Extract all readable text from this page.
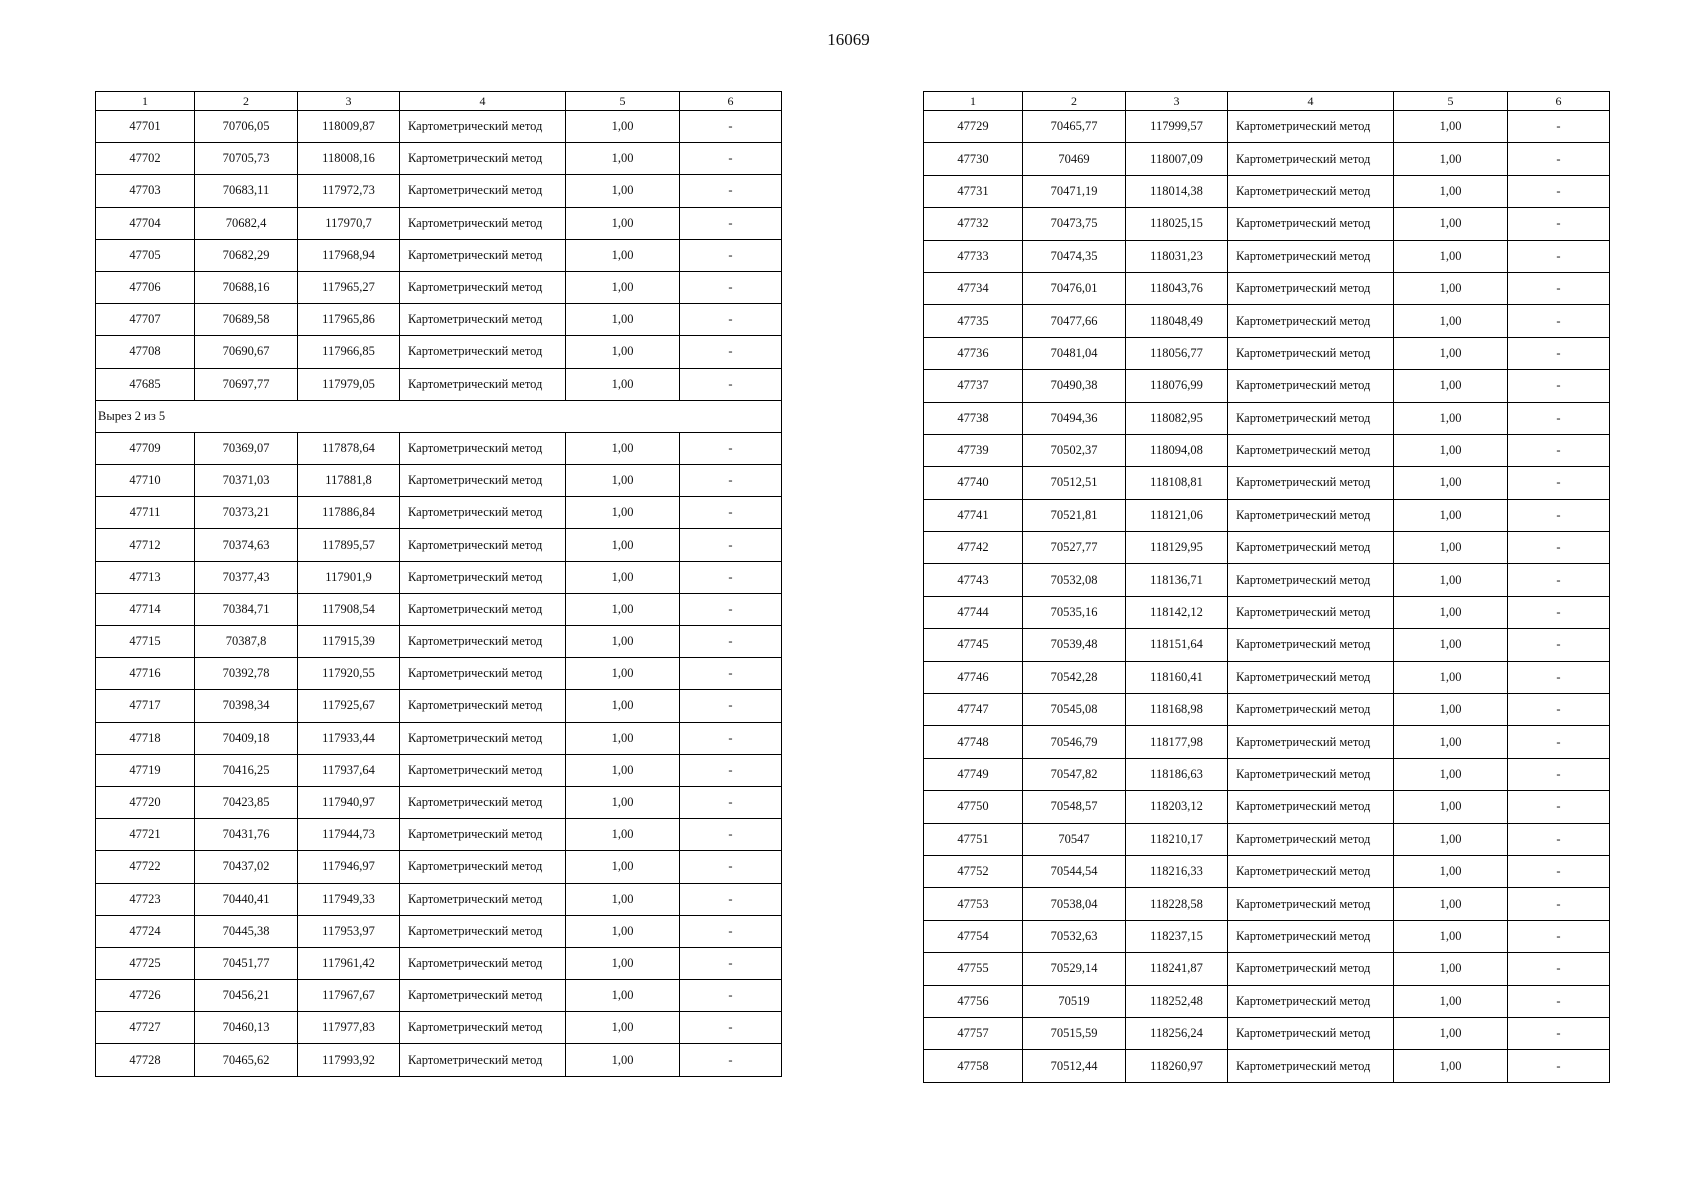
16069
1	2	3	4	5	6
47701	70706,05	118009,87	Картометрический метод	1,00	-
47702	70705,73	118008,16	Картометрический метод	1,00	-
47703	70683,11	117972,73	Картометрический метод	1,00	-
47704	70682,4	117970,7	Картометрический метод	1,00	-
47705	70682,29	117968,94	Картометрический метод	1,00	-
47706	70688,16	117965,27	Картометрический метод	1,00	-
47707	70689,58	117965,86	Картометрический метод	1,00	-
47708	70690,67	117966,85	Картометрический метод	1,00	-
47685	70697,77	117979,05	Картометрический метод	1,00	-
Вырез 2 из 5					
47709	70369,07	117878,64	Картометрический метод	1,00	-
47710	70371,03	117881,8	Картометрический метод	1,00	-
47711	70373,21	117886,84	Картометрический метод	1,00	-
47712	70374,63	117895,57	Картометрический метод	1,00	-
47713	70377,43	117901,9	Картометрический метод	1,00	-
47714	70384,71	117908,54	Картометрический метод	1,00	-
47715	70387,8	117915,39	Картометрический метод	1,00	-
47716	70392,78	117920,55	Картометрический метод	1,00	-
47717	70398,34	117925,67	Картометрический метод	1,00	-
47718	70409,18	117933,44	Картометрический метод	1,00	-
47719	70416,25	117937,64	Картометрический метод	1,00	-
47720	70423,85	117940,97	Картометрический метод	1,00	-
47721	70431,76	117944,73	Картометрический метод	1,00	-
47722	70437,02	117946,97	Картометрический метод	1,00	-
47723	70440,41	117949,33	Картометрический метод	1,00	-
47724	70445,38	117953,97	Картометрический метод	1,00	-
47725	70451,77	117961,42	Картометрический метод	1,00	-
47726	70456,21	117967,67	Картометрический метод	1,00	-
47727	70460,13	117977,83	Картометрический метод	1,00	-
47728	70465,62	117993,92	Картометрический метод	1,00	-
1	2	3	4	5	6
47729	70465,77	117999,57	Картометрический метод	1,00	-
47730	70469	118007,09	Картометрический метод	1,00	-
47731	70471,19	118014,38	Картометрический метод	1,00	-
47732	70473,75	118025,15	Картометрический метод	1,00	-
47733	70474,35	118031,23	Картометрический метод	1,00	-
47734	70476,01	118043,76	Картометрический метод	1,00	-
47735	70477,66	118048,49	Картометрический метод	1,00	-
47736	70481,04	118056,77	Картометрический метод	1,00	-
47737	70490,38	118076,99	Картометрический метод	1,00	-
47738	70494,36	118082,95	Картометрический метод	1,00	-
47739	70502,37	118094,08	Картометрический метод	1,00	-
47740	70512,51	118108,81	Картометрический метод	1,00	-
47741	70521,81	118121,06	Картометрический метод	1,00	-
47742	70527,77	118129,95	Картометрический метод	1,00	-
47743	70532,08	118136,71	Картометрический метод	1,00	-
47744	70535,16	118142,12	Картометрический метод	1,00	-
47745	70539,48	118151,64	Картометрический метод	1,00	-
47746	70542,28	118160,41	Картометрический метод	1,00	-
47747	70545,08	118168,98	Картометрический метод	1,00	-
47748	70546,79	118177,98	Картометрический метод	1,00	-
47749	70547,82	118186,63	Картометрический метод	1,00	-
47750	70548,57	118203,12	Картометрический метод	1,00	-
47751	70547	118210,17	Картометрический метод	1,00	-
47752	70544,54	118216,33	Картометрический метод	1,00	-
47753	70538,04	118228,58	Картометрический метод	1,00	-
47754	70532,63	118237,15	Картометрический метод	1,00	-
47755	70529,14	118241,87	Картометрический метод	1,00	-
47756	70519	118252,48	Картометрический метод	1,00	-
47757	70515,59	118256,24	Картометрический метод	1,00	-
47758	70512,44	118260,97	Картометрический метод	1,00	-
